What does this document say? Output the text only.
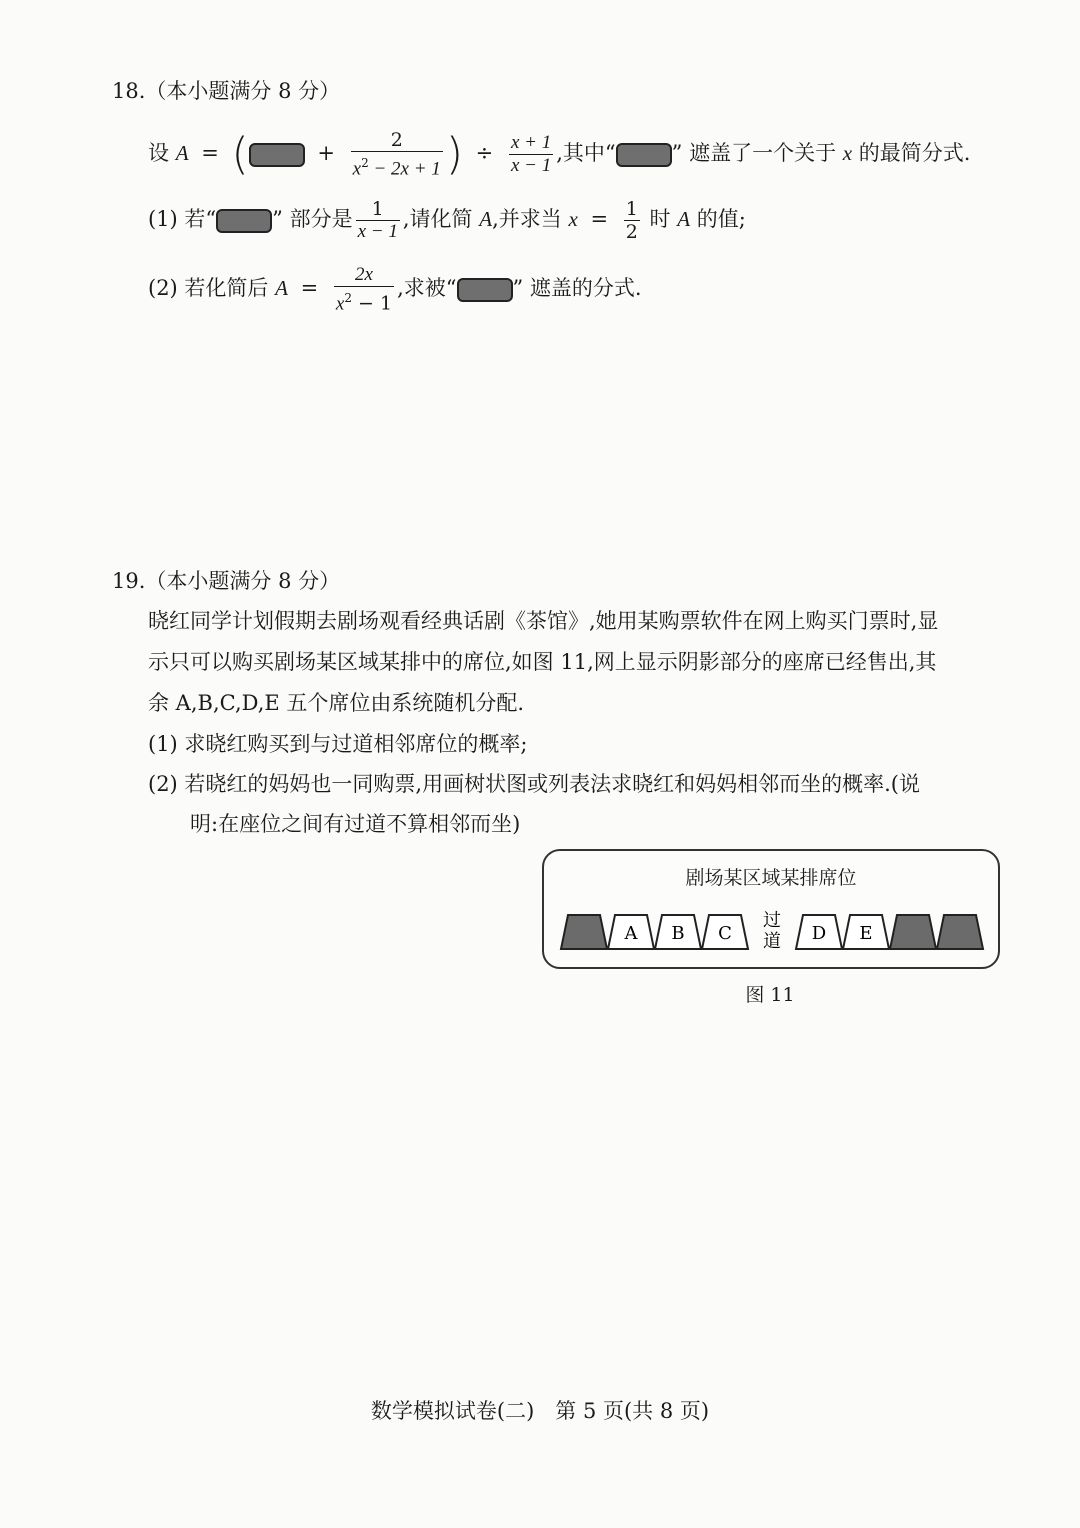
18.（本小题满分 8 分）
设 A = (	+ $\frac{2}{x^2 - 2x + 1}$ ) ÷ $\frac{x + 1}{x - 1}$ ,其中“	” 遮盖了一个关于 x 的最简分式.
(1) 若“	” 部分是 $\frac{1}{x - 1}$ ,请化简 A,并求当 $x = \frac{1}{2}$ 时 A 的值;
(2) 若化简后 $A = \frac{2x}{x^2 - 1}$ ,求被“	” 遮盖的分式.
19.（本小题满分 8 分）
晓红同学计划假期去剧场观看经典话剧《茶馆》,她用某购票软件在网上购买门票时,显
示只可以购买剧场某区域某排中的席位,如图 11,网上显示阴影部分的座席已经售出,其
余 A,B,C,D,E 五个席位由系统随机分配.
(1) 求晓红购买到与过道相邻席位的概率;
(2) 若晓红的妈妈也一同购票,用画树状图或列表法求晓红和妈妈相邻而坐的概率.(说
明:在座位之间有过道不算相邻而坐)
剧场某区域某排席位
A B C	D E
过
道
图 11
数学模拟试卷(二)　第 5 页(共 8 页)
